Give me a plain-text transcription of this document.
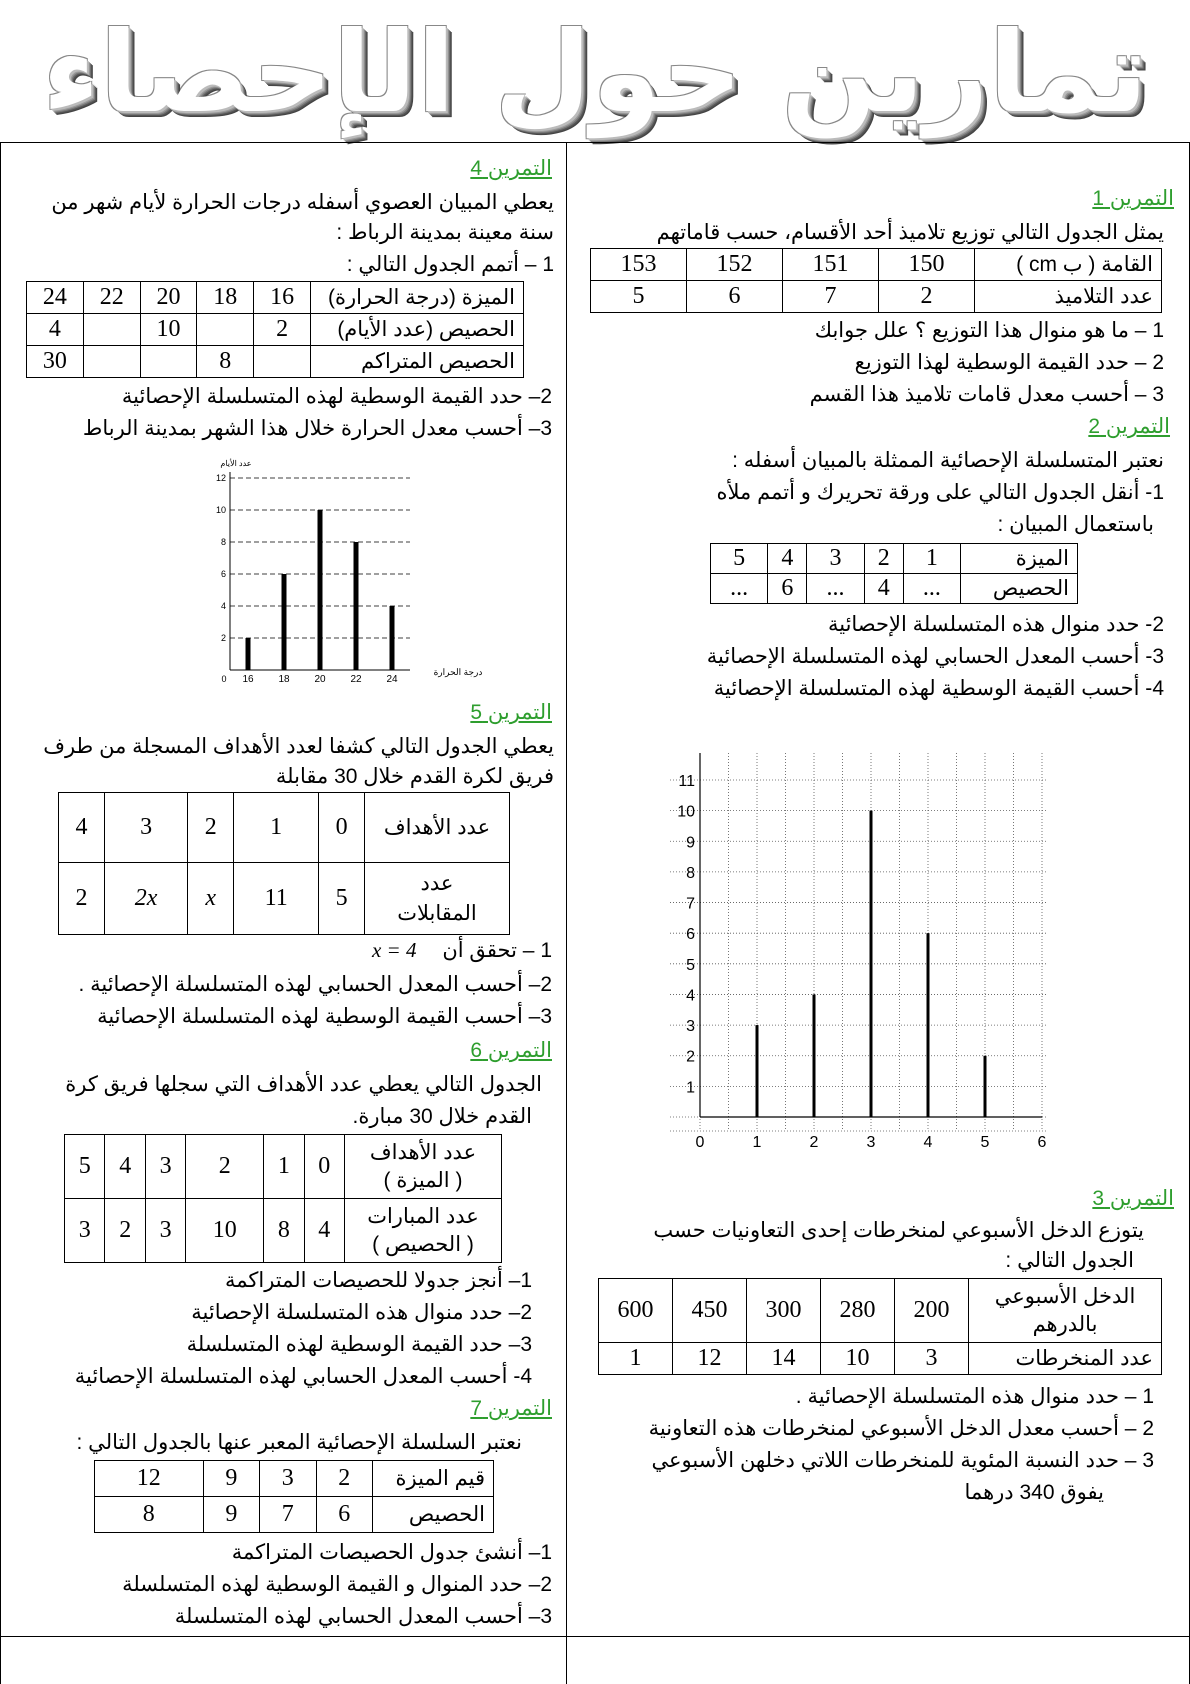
تمارين حول الإحصاء
التمرين 1
يمثل الجدول التالي توزيع تلاميذ أحد الأقسام، حسب قاماتهم
القامة ( ب cm )	150	151	152	153
عدد التلاميذ	2	7	6	5
1 – ما هو منوال هذا التوزيع ؟ علل جوابك
2 – حدد القيمة الوسطية لهذا التوزيع
3 – أحسب معدل قامات تلاميذ هذا القسم
التمرين 2
نعتبر المتسلسلة الإحصائية الممثلة بالمبيان أسفله :
1- أنقل الجدول التالي على ورقة تحريرك و أتمم ملأه
باستعمال المبيان :
الميزة	1	2	3	4	5
الحصيص	...	4	...	6	...
2- حدد منوال هذه المتسلسلة الإحصائية
3- أحسب المعدل الحسابي لهذه المتسلسلة الإحصائية
4- أحسب القيمة الوسطية لهذه المتسلسلة الإحصائية
1
2
3
4
5
6
7
8
9
10
11
0	1	2	3	4	5	6
التمرين 3
يتوزع الدخل الأسبوعي لمنخرطات إحدى التعاونيات حسب
الجدول التالي :
الدخل الأسبوعي
بالدرهم	200	280	300	450	600
عدد المنخرطات	3	10	14	12	1
1 – حدد منوال هذه المتسلسلة الإحصائية .
2 – أحسب معدل الدخل الأسبوعي لمنخرطات هذه التعاونية
3 – حدد النسبة المئوية للمنخرطات اللاتي دخلهن الأسبوعي
يفوق 340 درهما
التمرين 4
يعطي المبيان العصوي أسفله درجات الحرارة لأيام شهر من
سنة معينة بمدينة الرباط :
1 – أتمم الجدول التالي :
الميزة (درجة الحرارة)	16	18	20	22	24
الحصيص (عدد الأيام)	2		10		4
الحصيص المتراكم		8			30
2– حدد القيمة الوسطية لهذه المتسلسلة الإحصائية
3– أحسب معدل الحرارة خلال هذا الشهر بمدينة الرباط
2
4
6
8
10
12
0 16 18 20 22 24
عدد الأيام
درجة الحرارة
التمرين 5
يعطي الجدول التالي كشفا لعدد الأهداف المسجلة من طرف
فريق لكرة القدم خلال 30 مقابلة
عدد الأهداف	0	1	2	3	4

عدد
المقابلات	5	11	x	2x	2
1 – تحقق أن x = 4
2– أحسب المعدل الحسابي لهذه المتسلسلة الإحصائية .
3– أحسب القيمة الوسطية لهذه المتسلسلة الإحصائية
التمرين 6
الجدول التالي يعطي عدد الأهداف التي سجلها فريق كرة
القدم خلال 30 مبارة.
عدد الأهداف
( الميزة )	0	1	2	3	4	5

عدد المبارات
( الحصيص )	4	8	10	3	2	3
1– أنجز جدولا للحصيصات المتراكمة
2– حدد منوال هذه المتسلسلة الإحصائية
3– حدد القيمة الوسطية لهذه المتسلسلة
4- أحسب المعدل الحسابي لهذه المتسلسلة الإحصائية
التمرين 7
نعتبر السلسلة الإحصائية المعبر عنها بالجدول التالي :
قيم الميزة	2	3	9	12
الحصيص	6	7	9	8
1– أنشئ جدول الحصيصات المتراكمة
2– حدد المنوال و القيمة الوسطية لهذه المتسلسلة
3– أحسب المعدل الحسابي لهذه المتسلسلة
